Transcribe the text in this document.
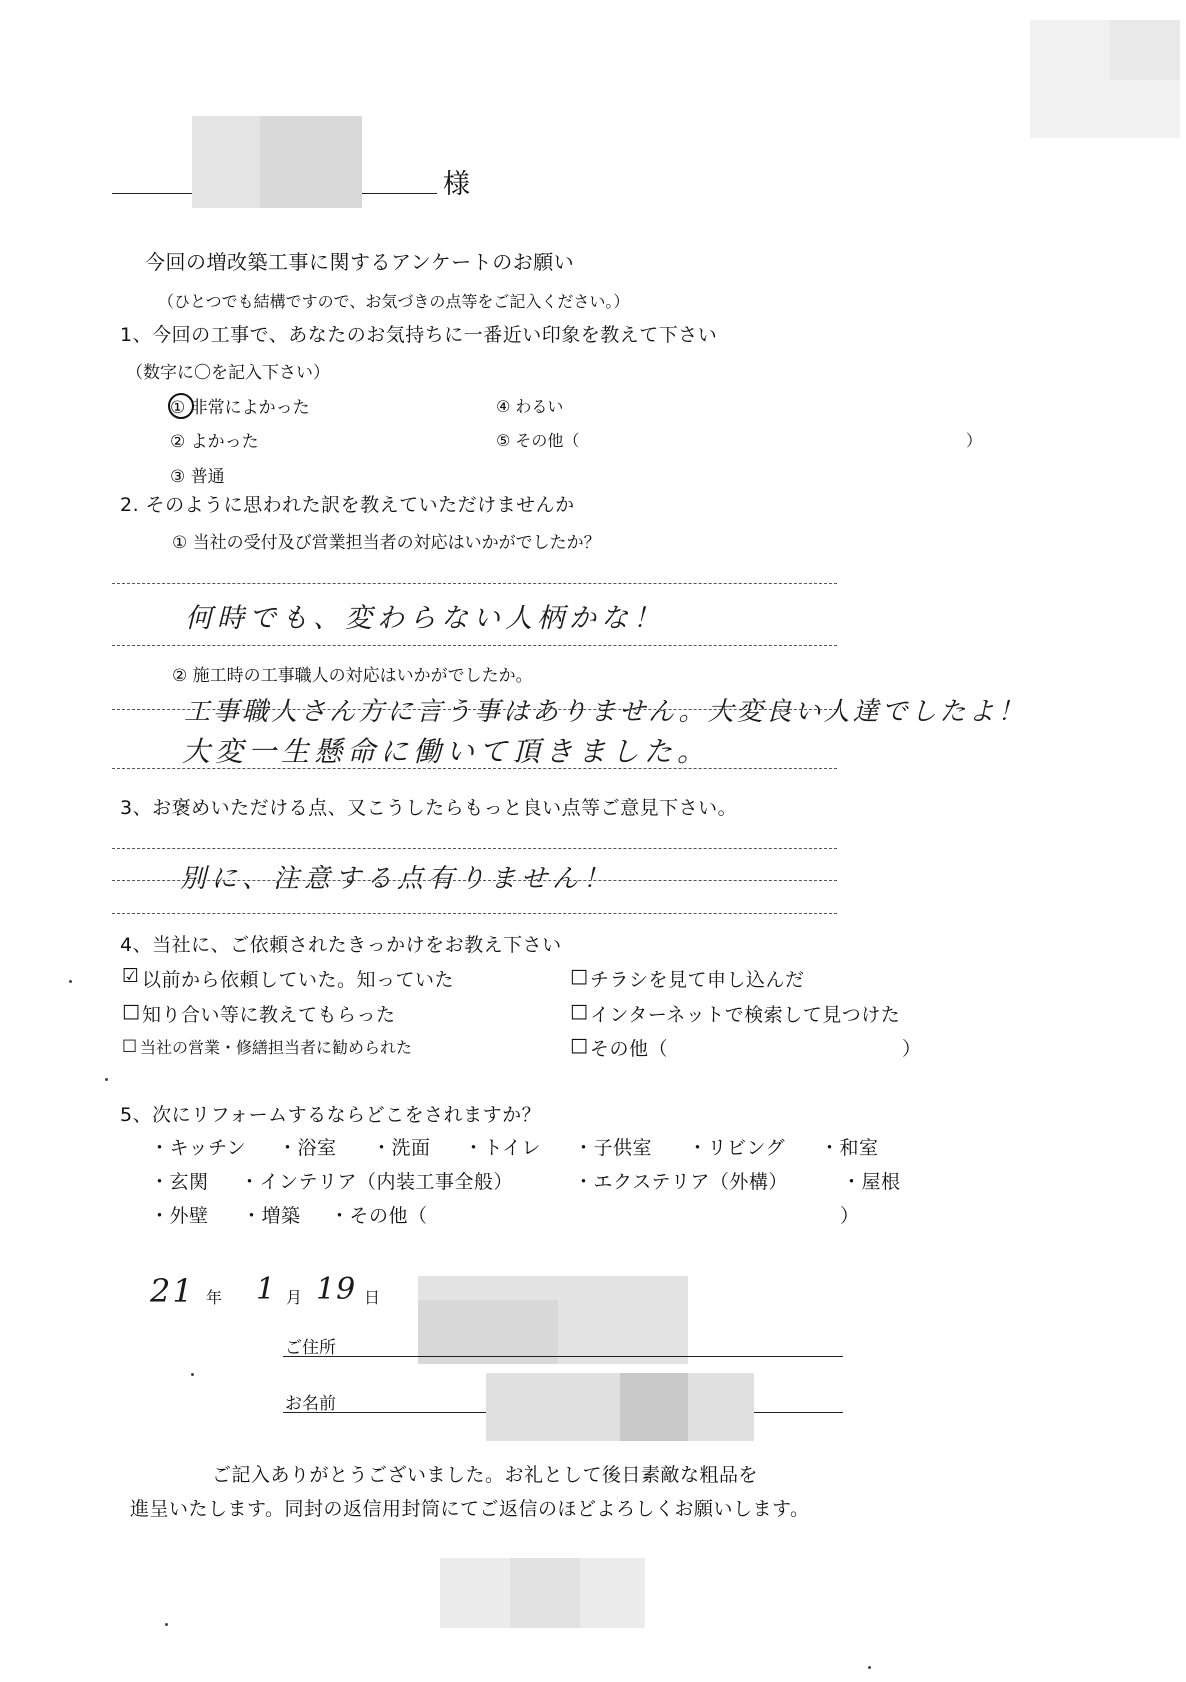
様
今回の増改築工事に関するアンケートのお願い
（ひとつでも結構ですので、お気づきの点等をご記入ください。）
1、今回の工事で、あなたのお気持ちに一番近い印象を教えて下さい
（数字に〇を記入下さい）
① 非常によかった
② よかった
③ 普通
④ わるい
⑤ その他（	）
2. そのように思われた訳を教えていただけませんか
① 当社の受付及び営業担当者の対応はいかがでしたか？
何時でも、変わらない人柄かな！
② 施工時の工事職人の対応はいかがでしたか。
工事職人さん方に言う事はありません。大変良い人達でしたよ！
大変一生懸命に働いて頂きました。
3、お褒めいただける点、又こうしたらもっと良い点等ご意見下さい。
別に、注意する点有りません！
4、当社に、ご依頼されたきっかけをお教え下さい
☑ 以前から依頼していた。知っていた
□ 知り合い等に教えてもらった
□ 当社の営業・修繕担当者に勧められた
□ チラシを見て申し込んだ
□ インターネットで検索して見つけた
□ その他（	）
5、次にリフォームするならどこをされますか？
・キッチン ・浴室 ・洗面 ・トイレ ・子供室 ・リビング ・和室
・玄関 ・インテリア（内装工事全般）	・エクステリア（外構）	・屋根
・外壁 ・増築 ・その他（	）
21 年 1 月 19 日
ご住所
お名前
ご記入ありがとうございました。お礼として後日素敵な粗品を
進呈いたします。同封の返信用封筒にてご返信のほどよろしくお願いします。
